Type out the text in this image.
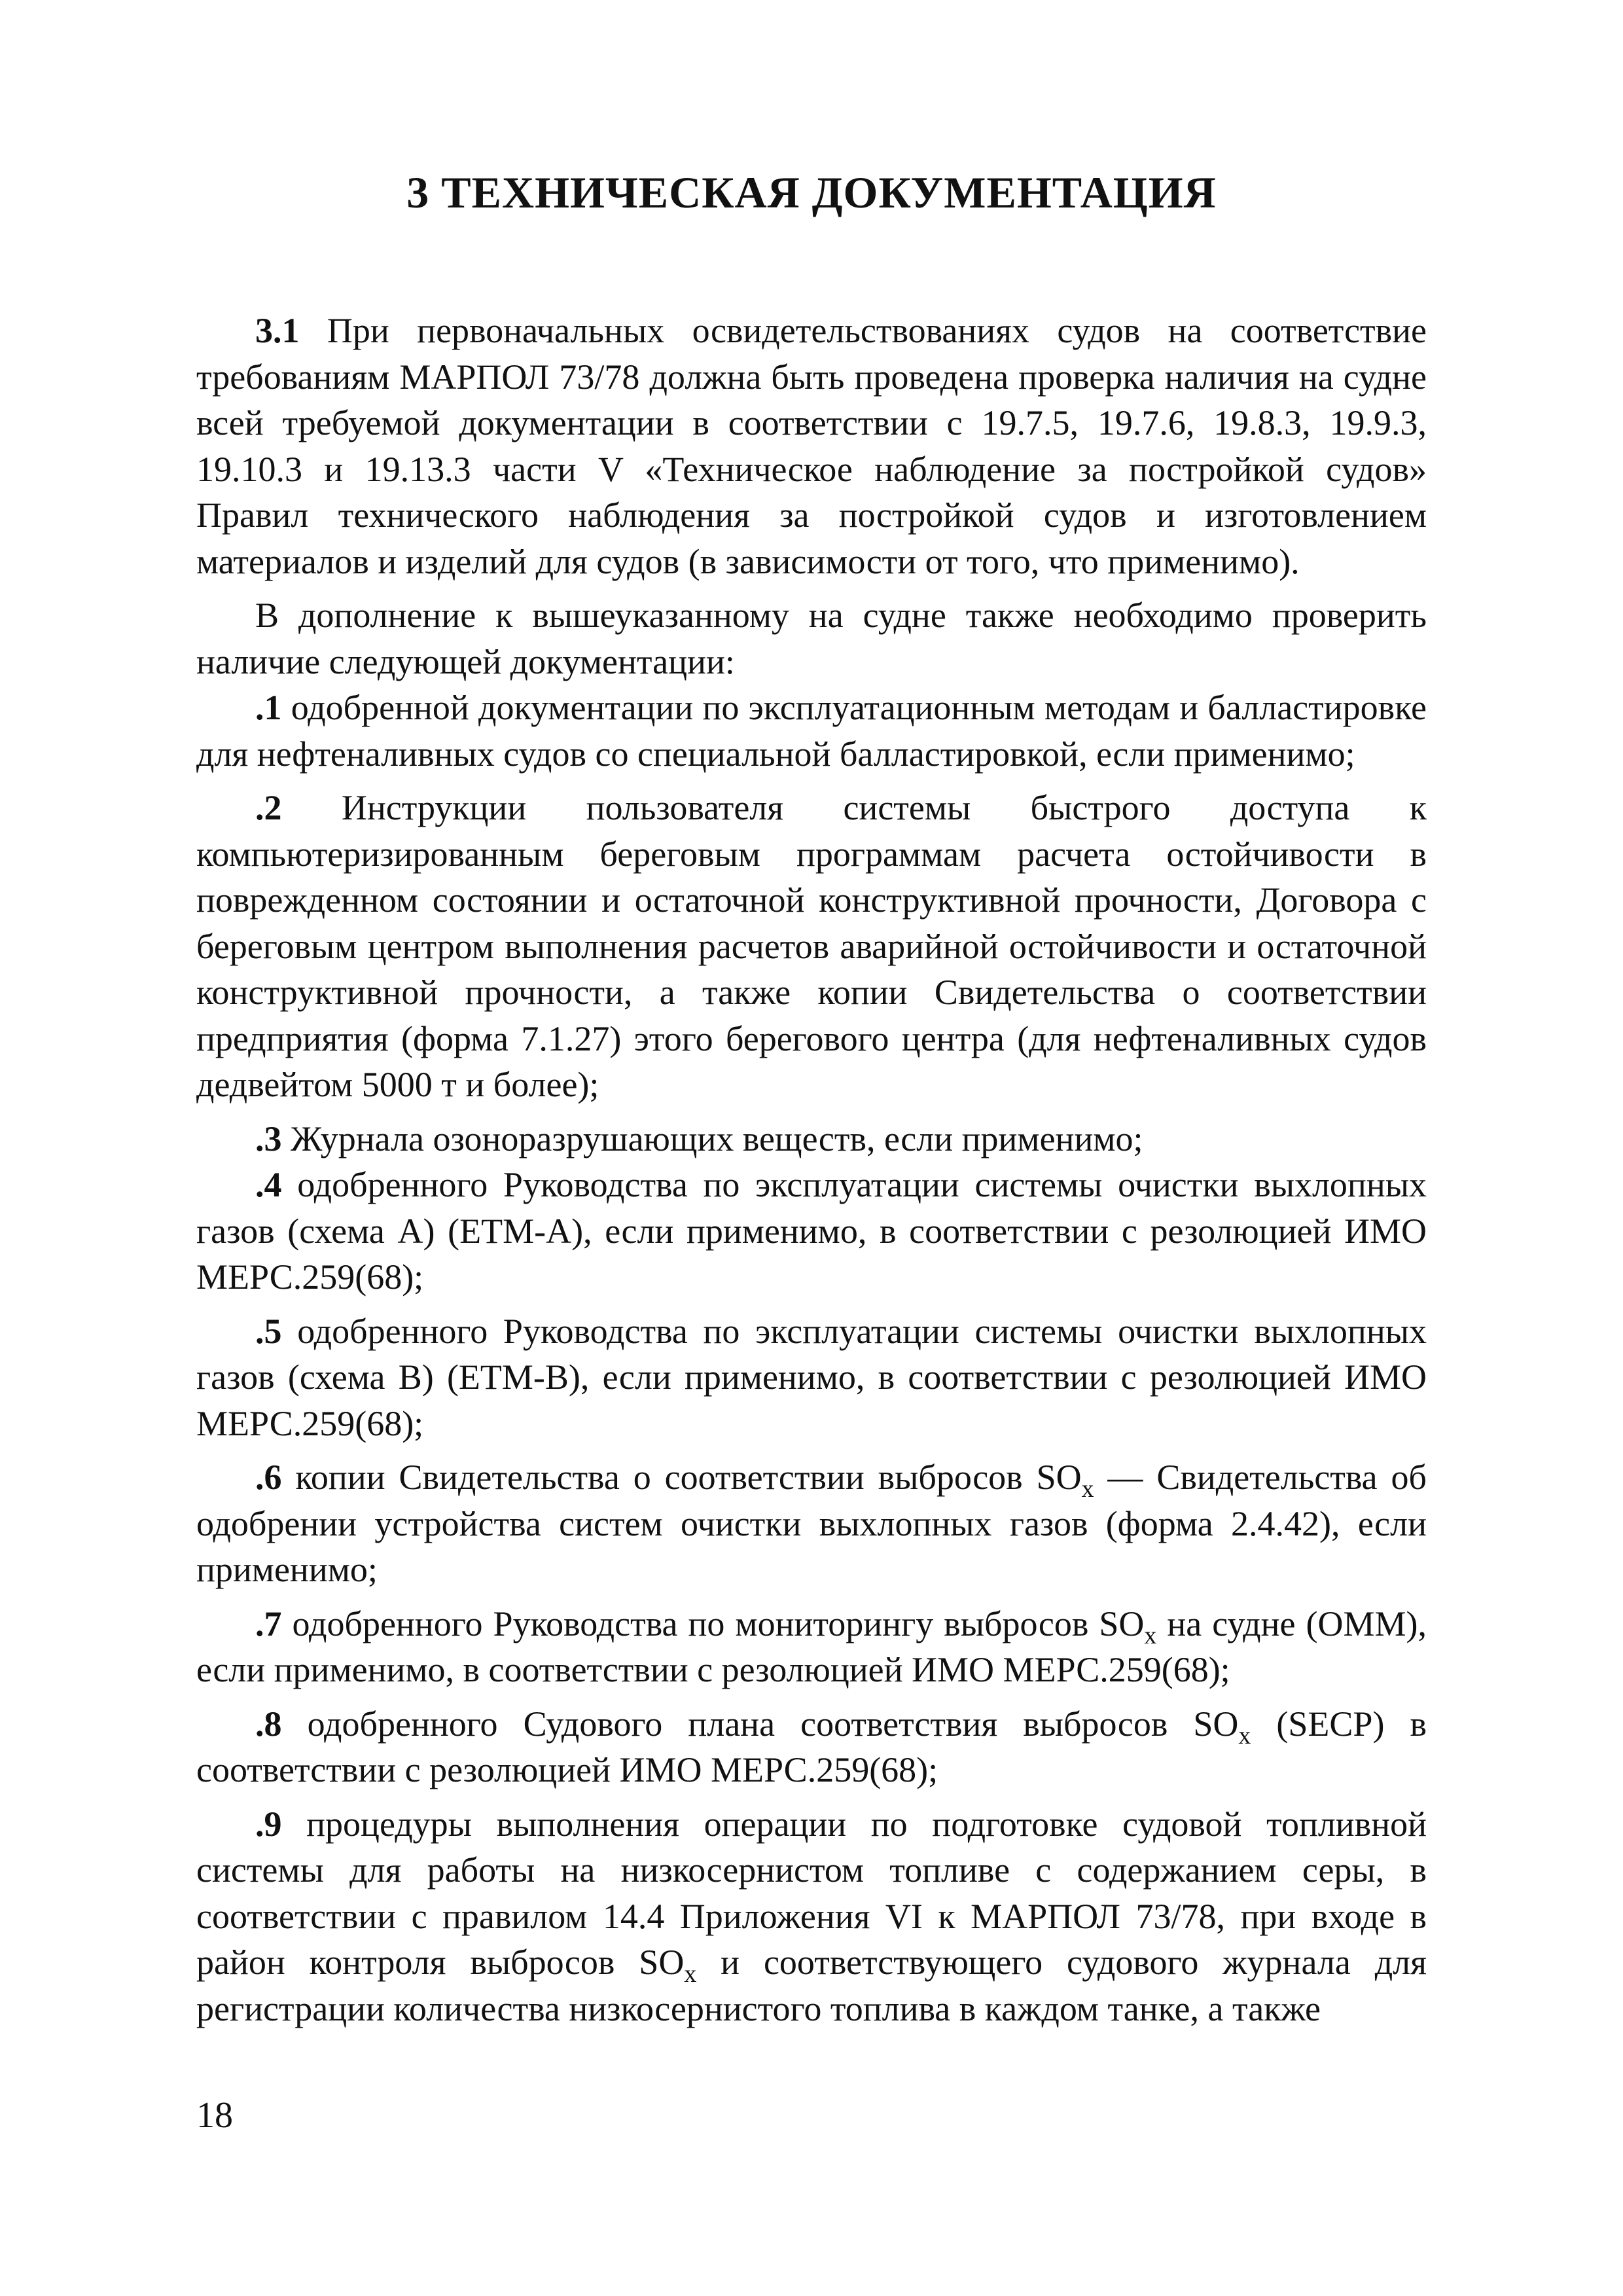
3 ТЕХНИЧЕСКАЯ ДОКУМЕНТАЦИЯ

3.1 При первоначальных освидетельствованиях судов на соответствие требованиям МАРПОЛ 73/78 должна быть проведена проверка наличия на судне всей требуемой документации в соответствии с 19.7.5, 19.7.6, 19.8.3, 19.9.3, 19.10.3 и 19.13.3 части V «Техническое наблюдение за постройкой судов» Правил технического наблюдения за постройкой судов и изготовлением материалов и изделий для судов (в зависимости от того, что применимо).

В дополнение к вышеуказанному на судне также необходимо проверить наличие следующей документации:

.1 одобренной документации по эксплуатационным методам и балластировке для нефтеналивных судов со специальной балластировкой, если применимо;

.2 Инструкции пользователя системы быстрого доступа к компьютеризированным береговым программам расчета остойчивости в поврежденном состоянии и остаточной конструктивной прочности, Договора с береговым центром выполнения расчетов аварийной остойчивости и остаточной конструктивной прочности, а также копии Свидетельства о соответствии предприятия (форма 7.1.27) этого берегового центра (для нефтеналивных судов дедвейтом 5000 т и более);

.3 Журнала озоноразрушающих веществ, если применимо;

.4 одобренного Руководства по эксплуатации системы очистки выхлопных газов (схема А) (ETM-A), если применимо, в соответствии с резолюцией ИМО МЕРС.259(68);

.5 одобренного Руководства по эксплуатации системы очистки выхлопных газов (схема В) (ETM-B), если применимо, в соответствии с резолюцией ИМО МЕРС.259(68);

.6 копии Свидетельства о соответствии выбросов $SO_x$ — Свидетельства об одобрении устройства систем очистки выхлопных газов (форма 2.4.42), если применимо;

.7 одобренного Руководства по мониторингу выбросов $SO_x$ на судне (OMM), если применимо, в соответствии с резолюцией ИМО МЕРС.259(68);

.8 одобренного Судового плана соответствия выбросов $SO_x$ (SECP) в соответствии с резолюцией ИМО МЕРС.259(68);

.9 процедуры выполнения операции по подготовке судовой топливной системы для работы на низкосернистом топливе с содержанием серы, в соответствии с правилом 14.4 Приложения VI к МАРПОЛ 73/78, при входе в район контроля выбросов $SO_x$ и соответствующего судового журнала для регистрации количества низкосернистого топлива в каждом танке, а также

18
